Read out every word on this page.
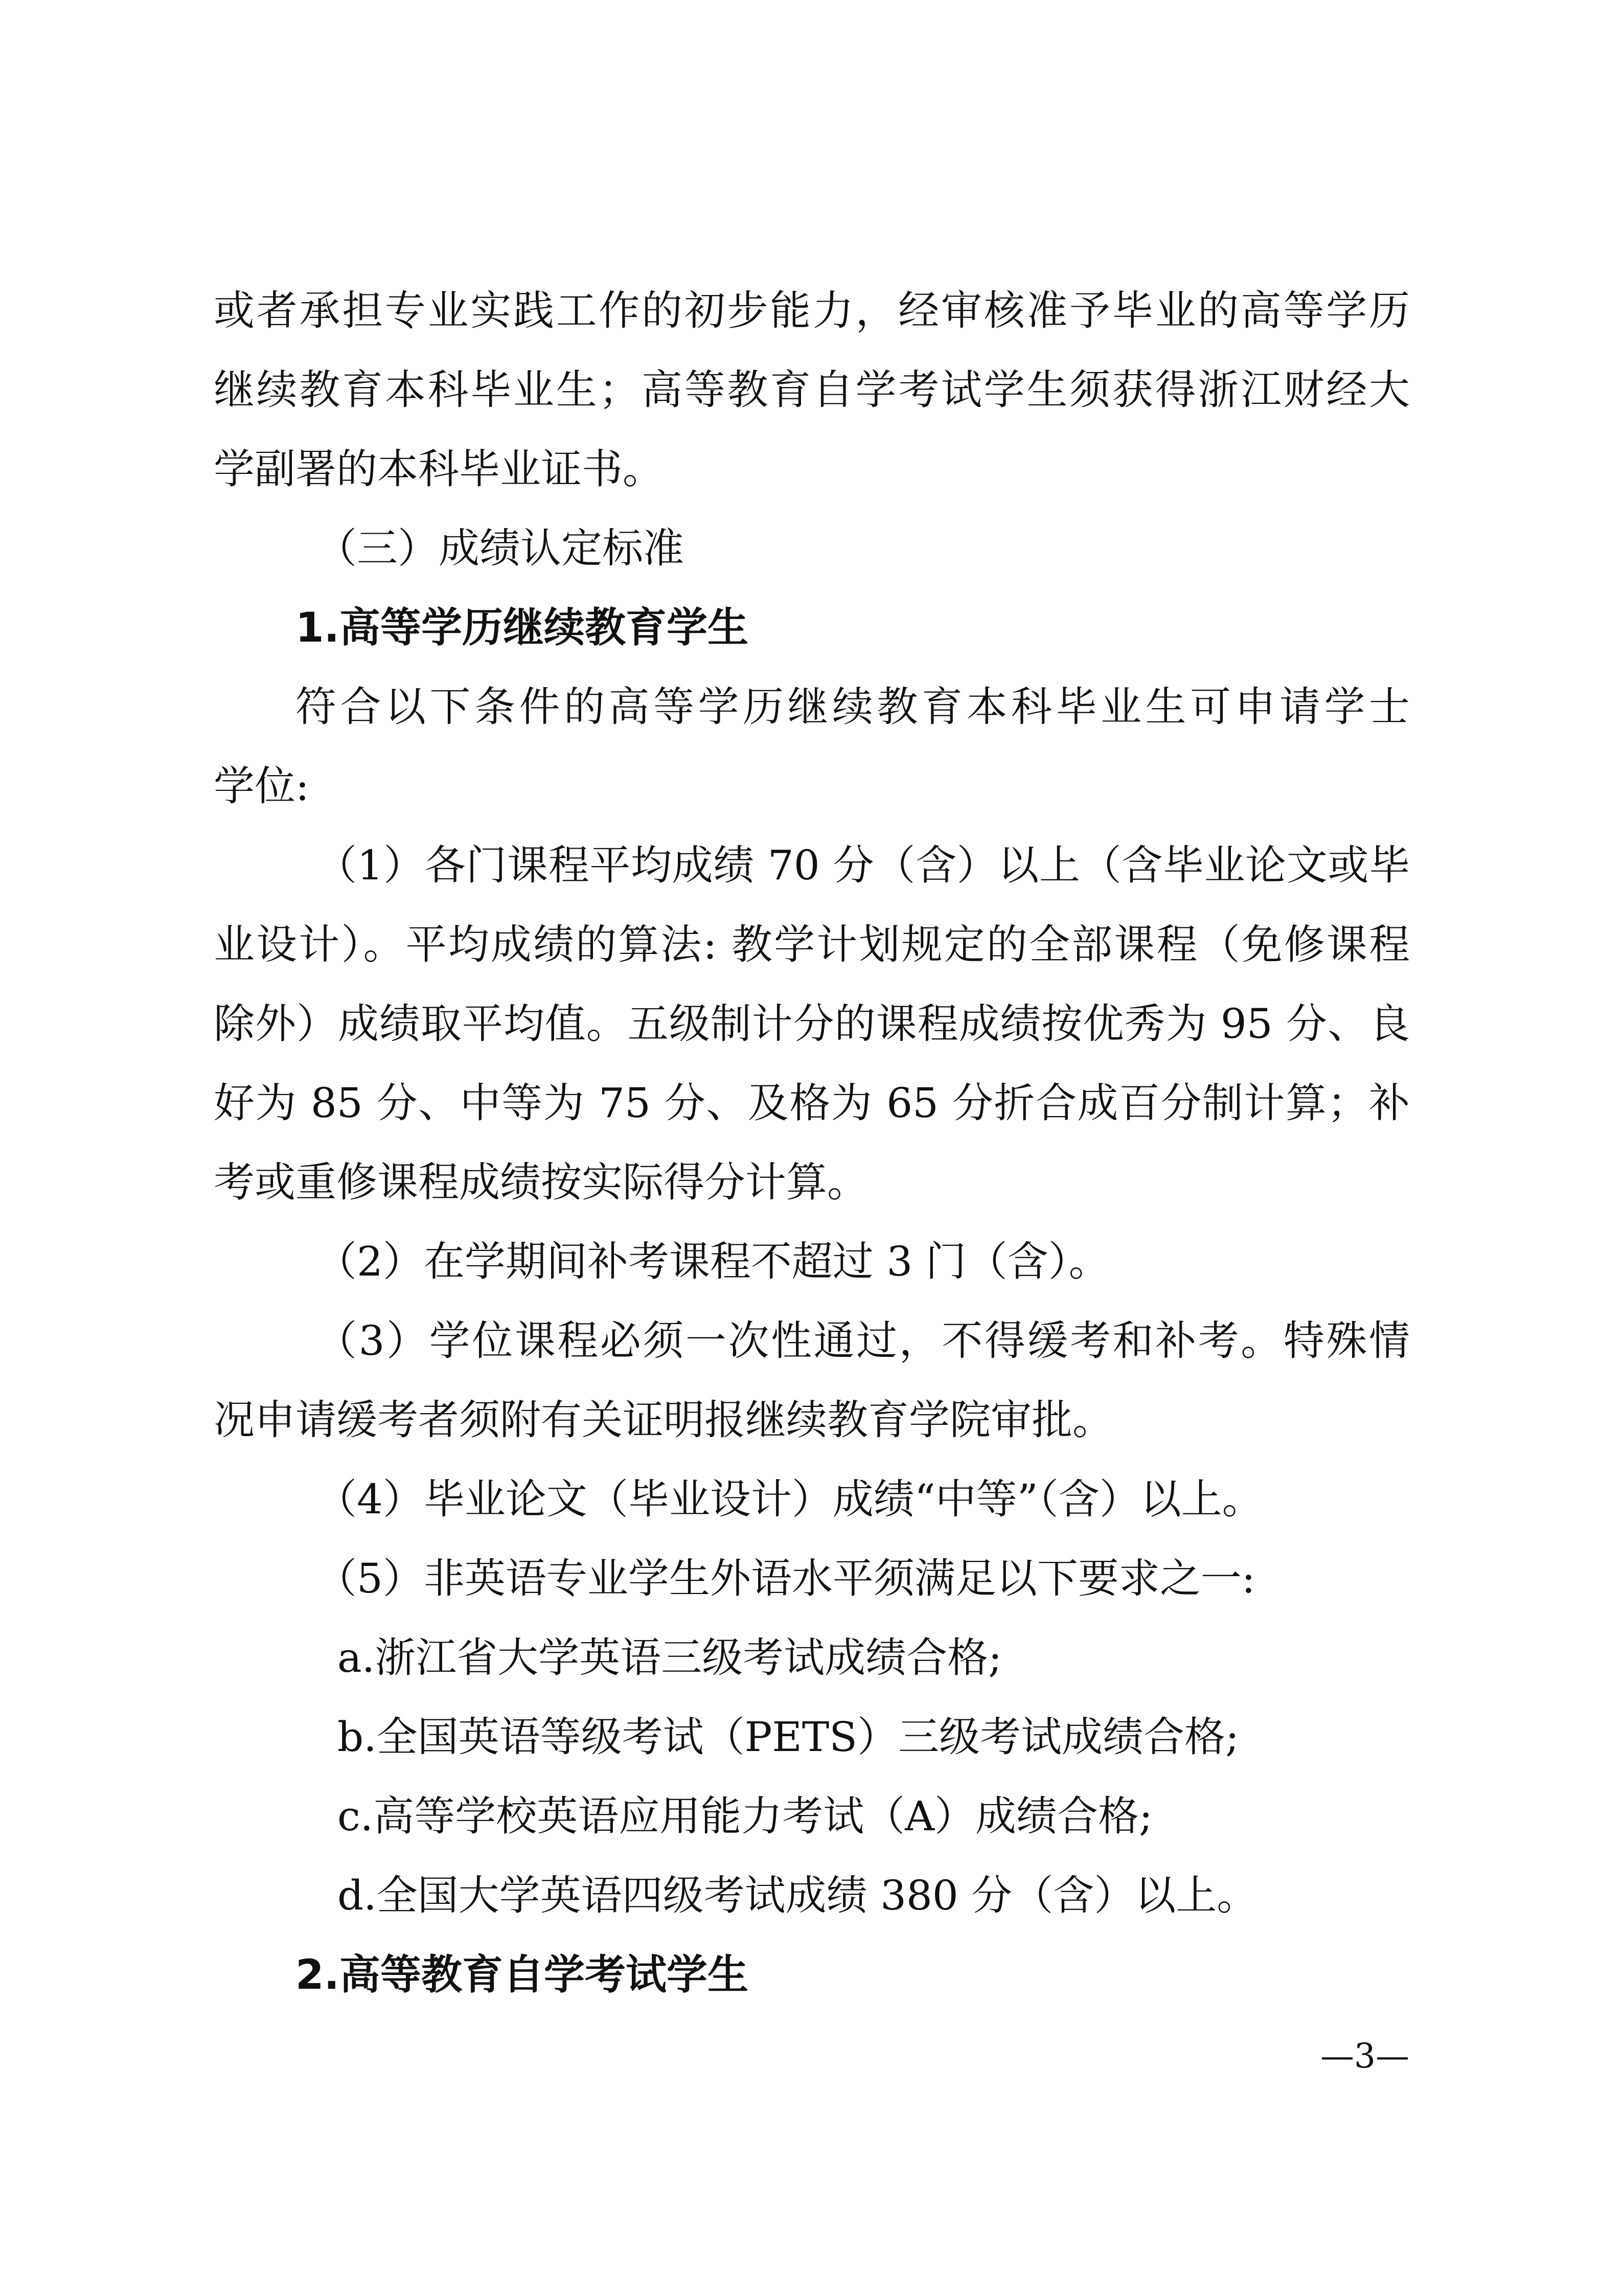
或者承担专业实践工作的初步能力，经审核准予毕业的高等学历

继续教育本科毕业生；高等教育自学考试学生须获得浙江财经大

学副署的本科毕业证书。

（三）成绩认定标准

1.高等学历继续教育学生

符合以下条件的高等学历继续教育本科毕业生可申请学士

学位:

（1）各门课程平均成绩 70 分（含）以上（含毕业论文或毕

业设计）。平均成绩的算法: 教学计划规定的全部课程（免修课程

除外）成绩取平均值。五级制计分的课程成绩按优秀为 95 分、良

好为 85 分、中等为 75 分、及格为 65 分折合成百分制计算；补

考或重修课程成绩按实际得分计算。

（2）在学期间补考课程不超过 3 门（含）。

（3）学位课程必须一次性通过，不得缓考和补考。特殊情

况申请缓考者须附有关证明报继续教育学院审批。

（4）毕业论文（毕业设计）成绩“中等”（含）以上。

（5）非英语专业学生外语水平须满足以下要求之一:

a.浙江省大学英语三级考试成绩合格;

b.全国英语等级考试（PETS）三级考试成绩合格;

c.高等学校英语应用能力考试（A）成绩合格;

d.全国大学英语四级考试成绩 380 分（含）以上。

2.高等教育自学考试学生

—3—
